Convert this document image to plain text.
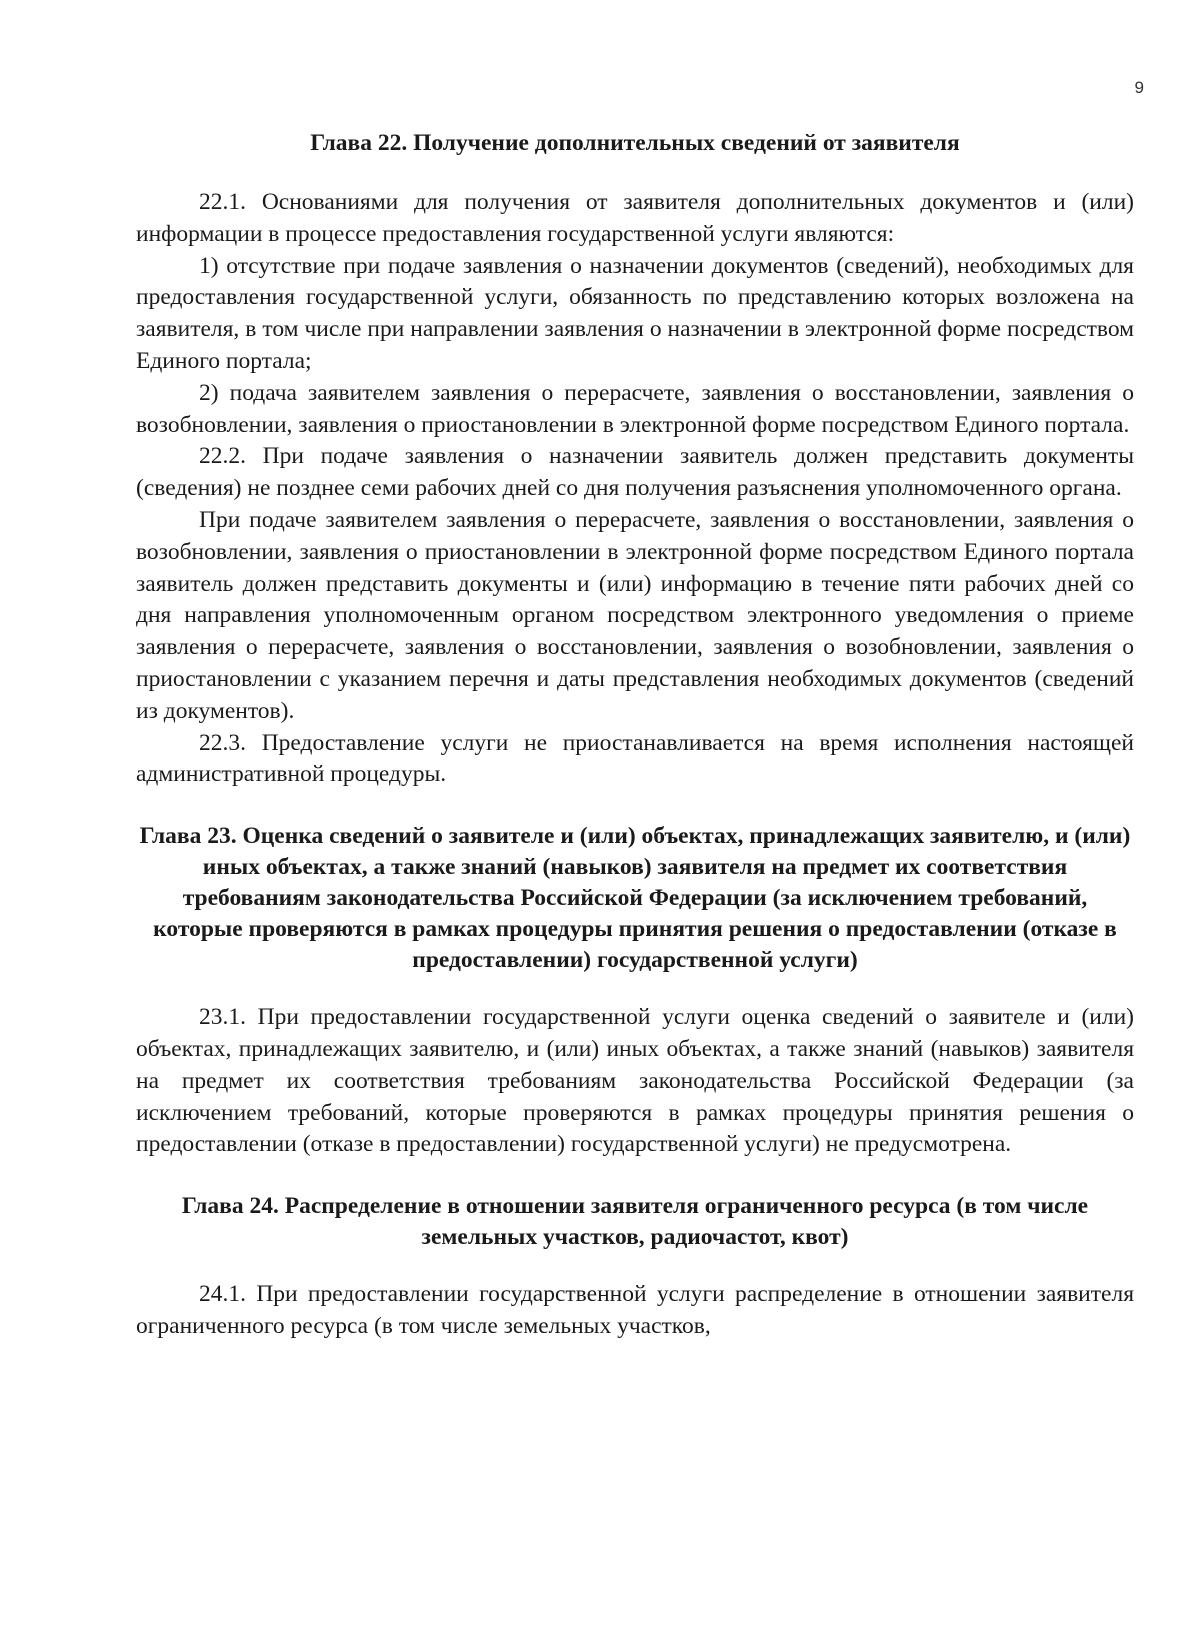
9
Глава 22. Получение дополнительных сведений от заявителя

22.1. Основаниями для получения от заявителя дополнительных документов и (или) информации в процессе предоставления государственной услуги являются:

1) отсутствие при подаче заявления о назначении документов (сведений), необходимых для предоставления государственной услуги, обязанность по представлению которых возложена на заявителя, в том числе при направлении заявления о назначении в электронной форме посредством Единого портала;

2) подача заявителем заявления о перерасчете, заявления о восстановлении, заявления о возобновлении, заявления о приостановлении в электронной форме посредством Единого портала.

22.2. При подаче заявления о назначении заявитель должен представить документы (сведения) не позднее семи рабочих дней со дня получения разъяснения уполномоченного органа.

При подаче заявителем заявления о перерасчете, заявления о восстановлении, заявления о возобновлении, заявления о приостановлении в электронной форме посредством Единого портала заявитель должен представить документы и (или) информацию в течение пяти рабочих дней со дня направления уполномоченным органом посредством электронного уведомления о приеме заявления о перерасчете, заявления о восстановлении, заявления о возобновлении, заявления о приостановлении с указанием перечня и даты представления необходимых документов (сведений из документов).

22.3. Предоставление услуги не приостанавливается на время исполнения настоящей административной процедуры.

Глава 23. Оценка сведений о заявителе и (или) объектах, принадлежащих заявителю, и (или) иных объектах, а также знаний (навыков) заявителя на предмет их соответствия требованиям законодательства Российской Федерации (за исключением требований, которые проверяются в рамках процедуры принятия решения о предоставлении (отказе в предоставлении) государственной услуги)

23.1. При предоставлении государственной услуги оценка сведений о заявителе и (или) объектах, принадлежащих заявителю, и (или) иных объектах, а также знаний (навыков) заявителя на предмет их соответствия требованиям законодательства Российской Федерации (за исключением требований, которые проверяются в рамках процедуры принятия решения о предоставлении (отказе в предоставлении) государственной услуги) не предусмотрена.

Глава 24. Распределение в отношении заявителя ограниченного ресурса (в том числе земельных участков, радиочастот, квот)

24.1. При предоставлении государственной услуги распределение в отношении заявителя ограниченного ресурса (в том числе земельных участков,
